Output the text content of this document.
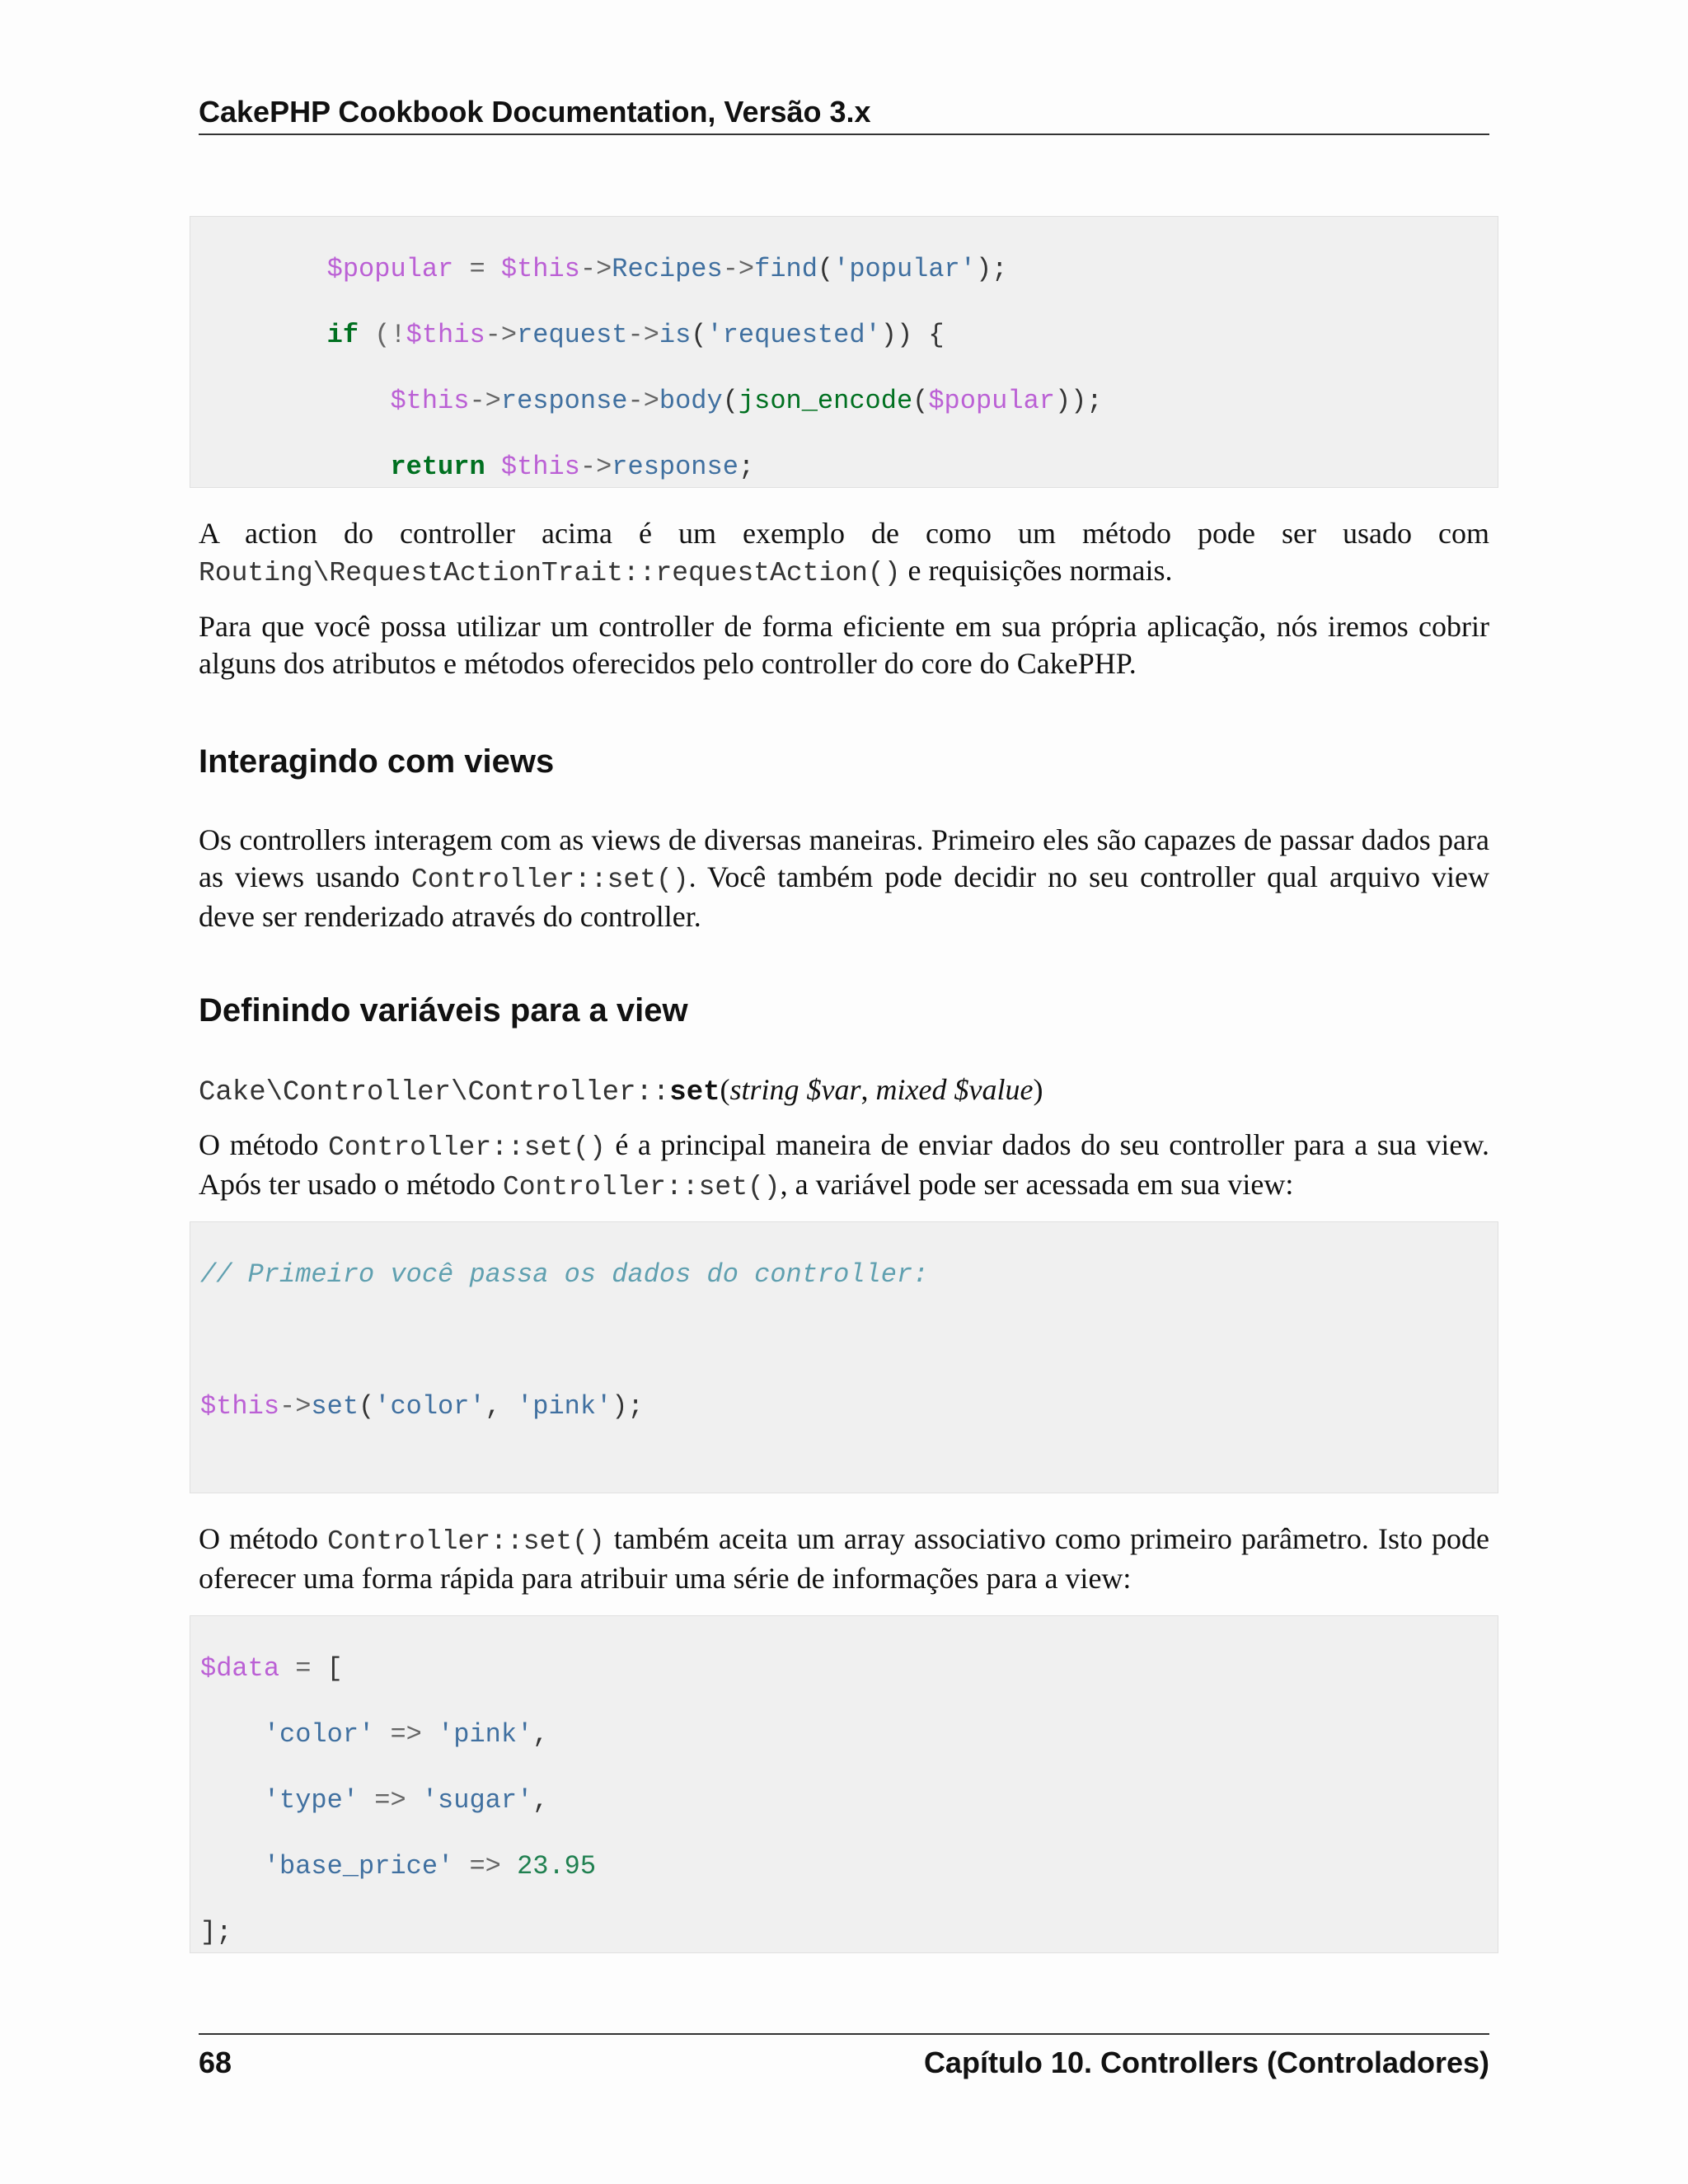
CakePHP Cookbook Documentation, Versão 3.x

$popular = $this->Recipes->find('popular');

if (!$this->request->is('requested')) {

$this->response->body(json_encode($popular));

return $this->response;

A action do controller acima é um exemplo de como um método pode ser usado com Routing\RequestActionTrait::requestAction() e requisições normais.
Para que você possa utilizar um controller de forma eficiente em sua própria aplicação, nós iremos cobrir alguns dos atributos e métodos oferecidos pelo controller do core do CakePHP.
Interagindo com views
Os controllers interagem com as views de diversas maneiras. Primeiro eles são capazes de passar dados para as views usando Controller::set(). Você também pode decidir no seu controller qual arquivo view deve ser renderizado através do controller.
Definindo variáveis para a view
Cake\Controller\Controller::set(string $var, mixed $value)
O método Controller::set() é a principal maneira de enviar dados do seu controller para a sua view. Após ter usado o método Controller::set(), a variável pode ser acessada em sua view:

// Primeiro você passa os dados do controller:

$this->set('color', 'pink');

O método Controller::set() também aceita um array associativo como primeiro parâmetro. Isto pode oferecer uma forma rápida para atribuir uma série de informações para a view:

$data = [

'color' => 'pink',

'type' => 'sugar',

'base_price' => 23.95

];

68	Capítulo 10. Controllers (Controladores)
